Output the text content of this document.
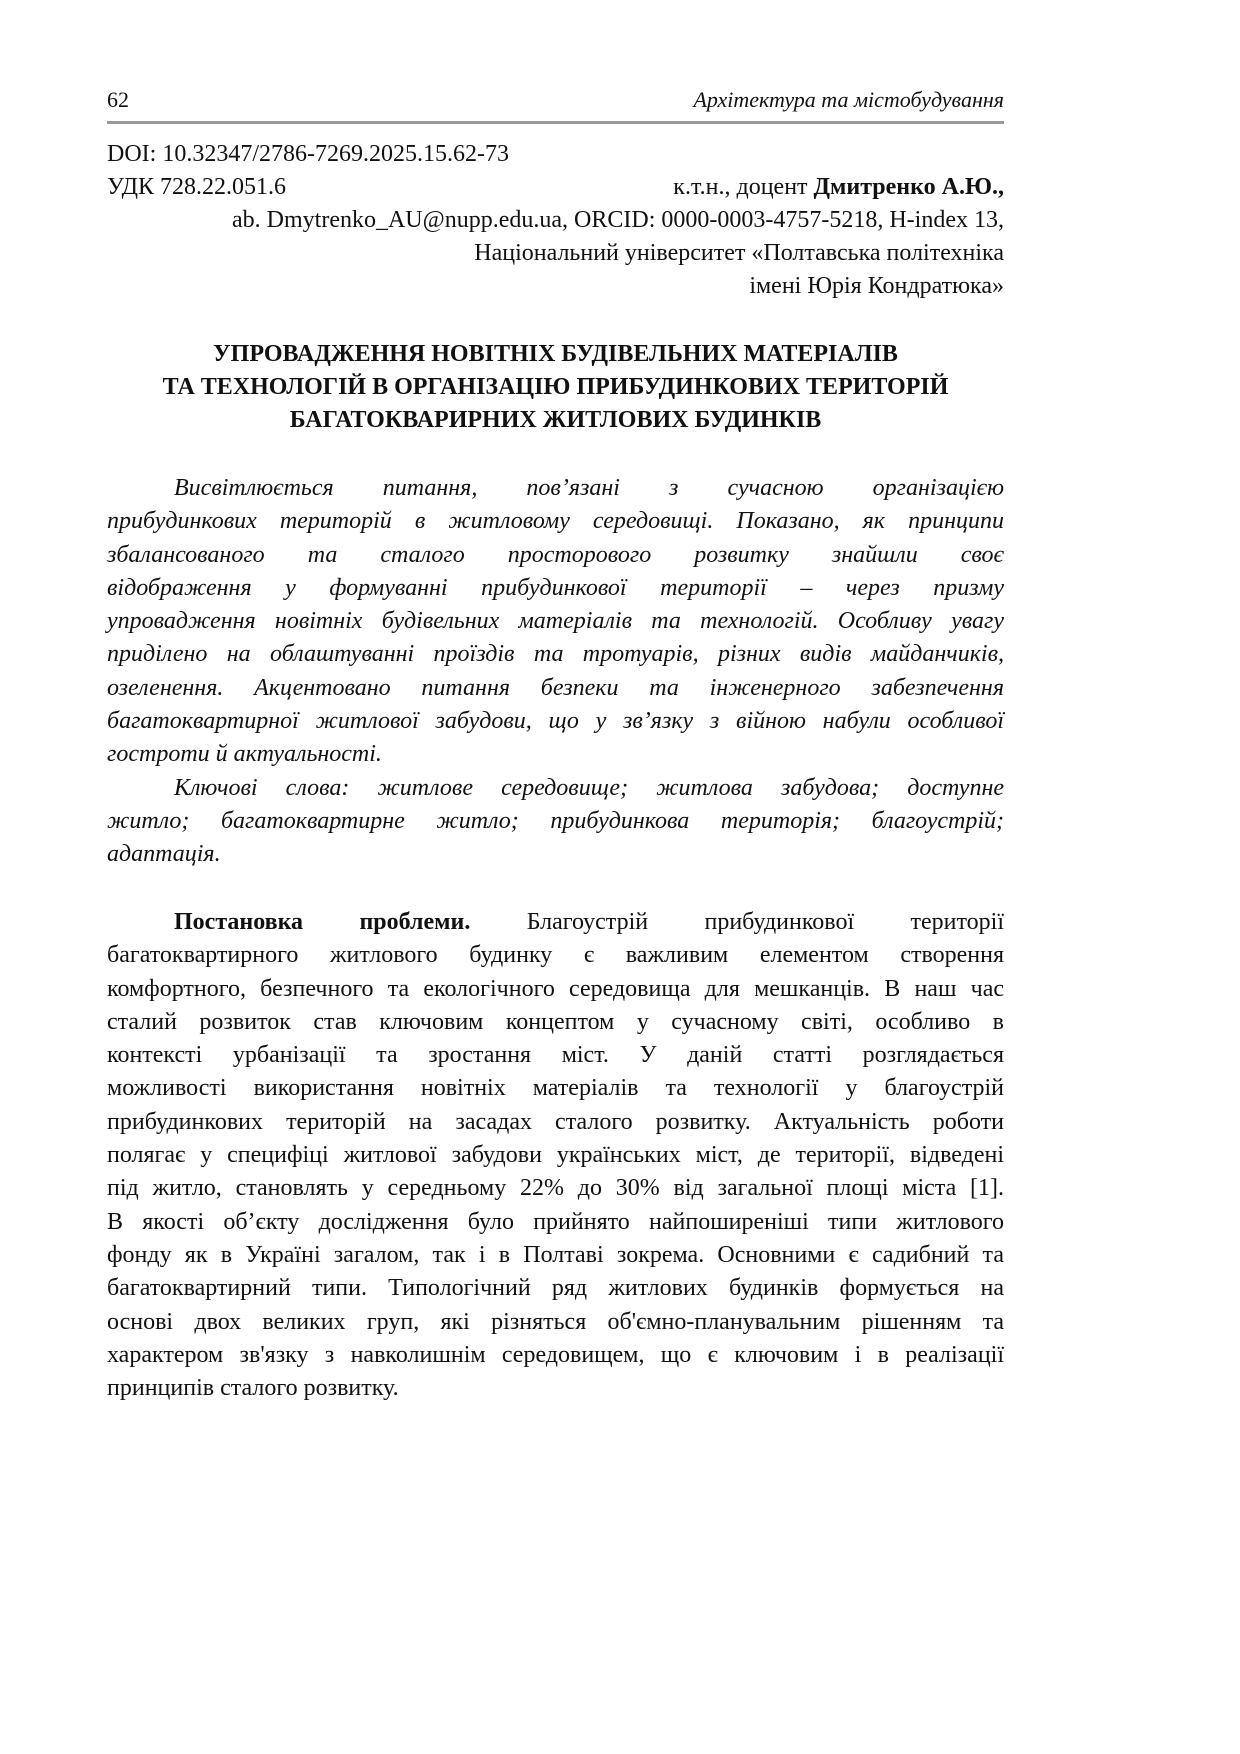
62	Архітектура та містобудування
DOI: 10.32347/2786-7269.2025.15.62-73
УДК 728.22.051.6	к.т.н., доцент Дмитренко А.Ю.,
ab. Dmytrenko_AU@nupp.edu.ua, ORCID: 0000-0003-4757-5218, H-index 13,
Національний університет «Полтавська політехніка
імені Юрія Кондратюка»
УПРОВАДЖЕННЯ НОВІТНІХ БУДІВЕЛЬНИХ МАТЕРІАЛІВ
ТА ТЕХНОЛОГІЙ В ОРГАНІЗАЦІЮ ПРИБУДИНКОВИХ ТЕРИТОРІЙ
БАГАТОКВАРИРНИХ ЖИТЛОВИХ БУДИНКІВ
Висвітлюється питання, пов’язані з сучасною організацією
прибудинкових територій в житловому середовищі. Показано, як принципи
збалансованого та сталого просторового розвитку знайшли своє
відображення у формуванні прибудинкової території – через призму
упровадження новітніх будівельних матеріалів та технологій. Особливу увагу
приділено на облаштуванні проїздів та тротуарів, різних видів майданчиків,
озеленення. Акцентовано питання безпеки та інженерного забезпечення
багатоквартирної житлової забудови, що у зв’язку з війною набули особливої
гостроти й актуальності.
Ключові слова: житлове середовище; житлова забудова; доступне
житло; багатоквартирне житло; прибудинкова територія; благоустрій;
адаптація.
Постановка проблеми. Благоустрій прибудинкової території
багатоквартирного житлового будинку є важливим елементом створення
комфортного, безпечного та екологічного середовища для мешканців. В наш час
сталий розвиток став ключовим концептом у сучасному світі, особливо в
контексті урбанізації та зростання міст. У даній статті розглядається
можливості використання новітніх матеріалів та технології у благоустрій
прибудинкових територій на засадах сталого розвитку. Актуальність роботи
полягає у специфіці житлової забудови українських міст, де території, відведені
під житло, становлять у середньому 22% до 30% від загальної площі міста [1].
В якості об’єкту дослідження було прийнято найпоширеніші типи житлового
фонду як в Україні загалом, так і в Полтаві зокрема. Основними є садибний та
багатоквартирний типи. Типологічний ряд житлових будинків формується на
основі двох великих груп, які різняться об'ємно-планувальним рішенням та
характером зв'язку з навколишнім середовищем, що є ключовим і в реалізації
принципів сталого розвитку.
